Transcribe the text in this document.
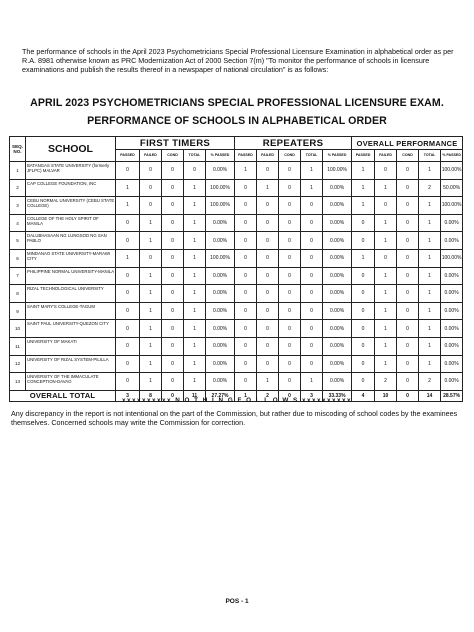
The performance of schools in the April 2023 Psychometricians Special Professional Licensure Examination in alphabetical order as per R.A. 8981 otherwise known as PRC Modernization Act of 2000 Section 7(m) "To monitor the performance of schools in licensure examinations and publish the results thereof in a newspaper of national circulation" is as follows:
APRIL 2023 PSYCHOMETRICIANS SPECIAL PROFESSIONAL LICENSURE EXAM.
PERFORMANCE OF SCHOOLS IN ALPHABETICAL ORDER
SEQ. NO.	SCHOOL	FIRST TIMERS					REPEATERS					OVERALL PERFORMANCE				
		PASSED	FAILED	COND	TOTAL	% PASSED	PASSED	FAILED	COND	TOTAL	% PASSED	PASSED	FAILED	COND	TOTAL	% PASSED
1	BATANGAS STATE UNIVERSITY (formerly JFLPC) MALVAR	0	0	0	0	0.00%	1	0	0	1	100.00%	1	0	0	1	100.00%
2	CAP COLLEGE FOUNDATION, INC	1	0	0	1	100.00%	0	1	0	1	0.00%	1	1	0	2	50.00%
3	CEBU NORMAL UNIVERSITY (CEBU STATE COLLEGE)	1	0	0	1	100.00%	0	0	0	0	0.00%	1	0	0	1	100.00%
4	COLLEGE OF THE HOLY SPIRIT OF MANILA	0	1	0	1	0.00%	0	0	0	0	0.00%	0	1	0	1	0.00%
5	DALUBHASAAN NG LUNGSOD NG SAN PABLO	0	1	0	1	0.00%	0	0	0	0	0.00%	0	1	0	1	0.00%
6	MINDANAO STATE UNIVERSITY-MARAWI CITY	1	0	0	1	100.00%	0	0	0	0	0.00%	1	0	0	1	100.00%
7	PHILIPPINE NORMAL UNIVERSITY-MANILA	0	1	0	1	0.00%	0	0	0	0	0.00%	0	1	0	1	0.00%
8	RIZAL TECHNOLOGICAL UNIVERSITY	0	1	0	1	0.00%	0	0	0	0	0.00%	0	1	0	1	0.00%
9	SAINT MARY'S COLLEGE-TAGUM	0	1	0	1	0.00%	0	0	0	0	0.00%	0	1	0	1	0.00%
10	SAINT PAUL UNIVERSITY-QUEZON CITY	0	1	0	1	0.00%	0	0	0	0	0.00%	0	1	0	1	0.00%
11	UNIVERSITY OF MAKATI	0	1	0	1	0.00%	0	0	0	0	0.00%	0	1	0	1	0.00%
12	UNIVERSITY OF RIZAL SYSTEM-PILILLA	0	1	0	1	0.00%	0	0	0	0	0.00%	0	1	0	1	0.00%
13	UNIVERSITY OF THE IMMACULATE CONCEPTION-DAVAO	0	1	0	1	0.00%	0	1	0	1	0.00%	0	2	0	2	0.00%
OVERALL TOTAL		3	8	0	11	27.27%	1	2	0	3	33.33%	4	10	0	14	28.57%
xxxxxxxxxx N O T H I N G F O L L O W S xxxxxxxxxx
Any discrepancy in the report is not intentional on the part of the Commission, but rather due to miscoding of school codes by the examinees themselves. Concerned schools may write the Commission for correction.
POS - 1
